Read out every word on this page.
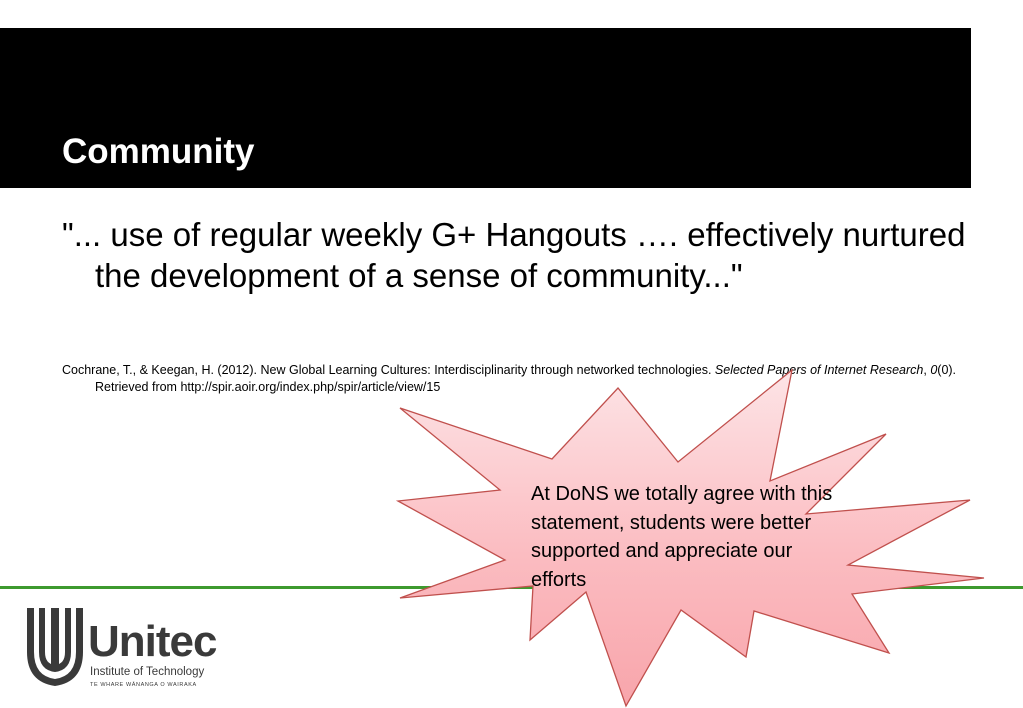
Community

"... use of regular weekly G+ Hangouts …. effectively nurtured the development of a sense of community..."

Cochrane, T., & Keegan, H. (2012). New Global Learning Cultures: Interdisciplinarity through networked technologies. Selected Papers of Internet Research, 0(0). Retrieved from http://spir.aoir.org/index.php/spir/article/view/15

At DoNS we totally agree with this statement, students were better supported and appreciate our efforts

Unitec
Institute of Technology
TE WHARE WĀNANGA O WAIRAKA
